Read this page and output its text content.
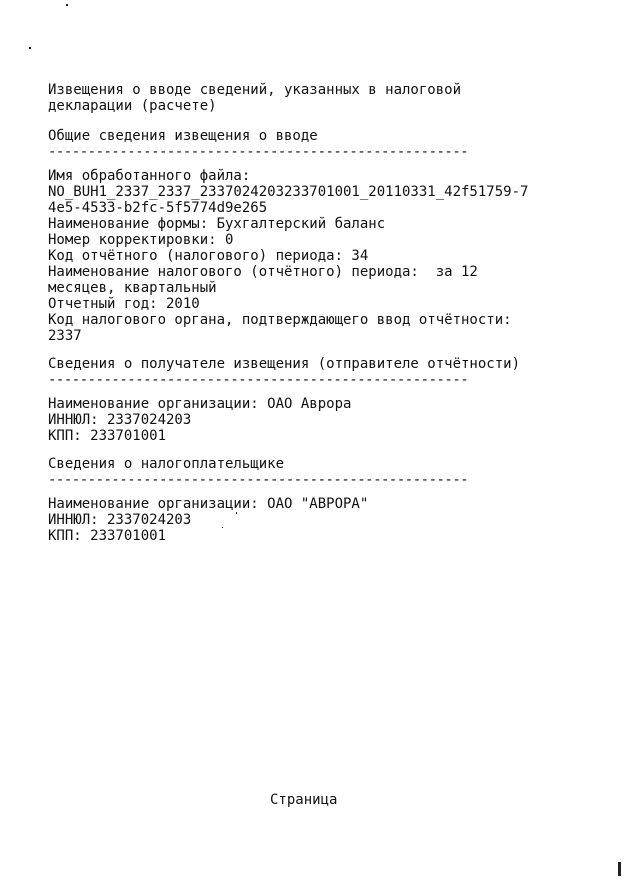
Извещения о вводе сведений, указанных в налоговой
декларации (расчете)
Общие сведения извещения о вводе
-----------------------------------------------------
Имя обработанного файла:
NO_BUH1_2337_2337_2337024203233701001_20110331_42f51759-7
4e5-4533-b2fc-5f5774d9e265
Наименование формы: Бухгалтерский баланс
Номер корректировки: 0
Код отчётного (налогового) периода: 34
Наименование налогового (отчётного) периода:  за 12
месяцев, квартальный
Отчетный год: 2010
Код налогового органа, подтверждающего ввод отчётности:
2337
Сведения о получателе извещения (отправителе отчётности)
-----------------------------------------------------
Наименование организации: ОАО Аврора
ИННЮЛ: 2337024203
КПП: 233701001
Сведения о налогоплательщике
-----------------------------------------------------
Наименование организации: ОАО "АВРОРА"
ИННЮЛ: 2337024203
КПП: 233701001
Страница
